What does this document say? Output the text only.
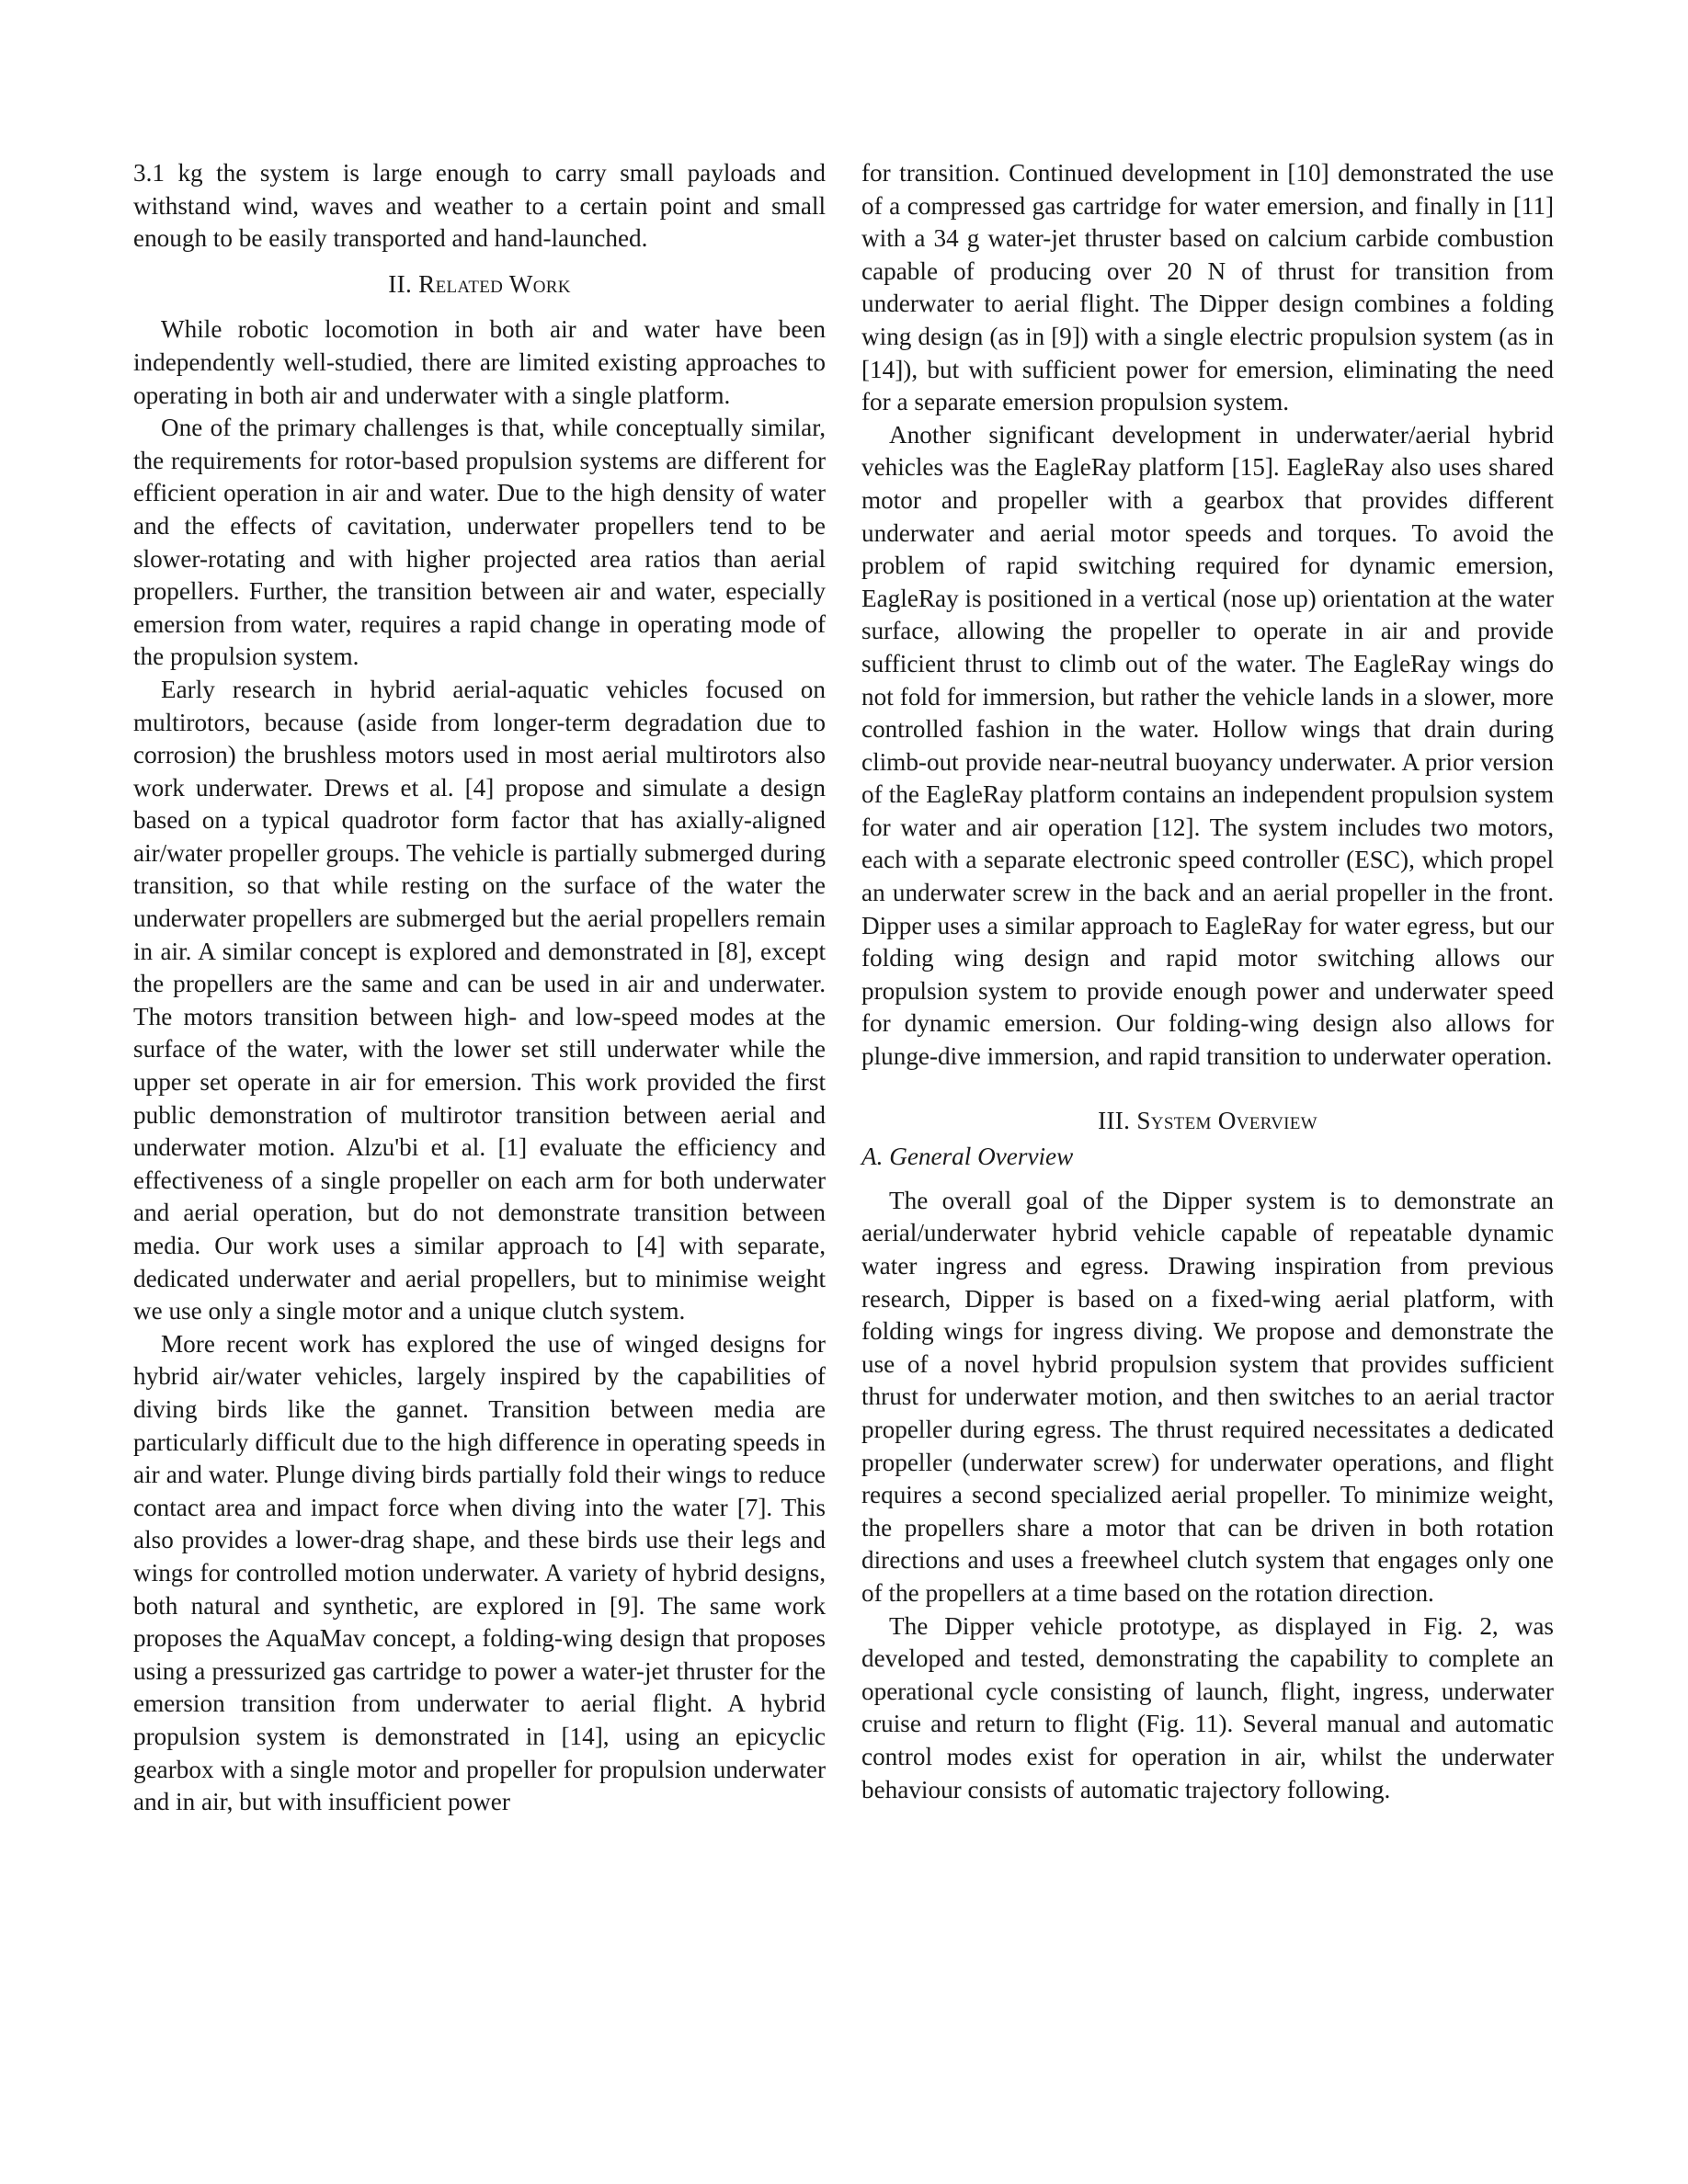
3.1 kg the system is large enough to carry small payloads and withstand wind, waves and weather to a certain point and small enough to be easily transported and hand-launched.

II. Related Work

While robotic locomotion in both air and water have been independently well-studied, there are limited existing approaches to operating in both air and underwater with a single platform.

One of the primary challenges is that, while conceptually similar, the requirements for rotor-based propulsion systems are different for efficient operation in air and water. Due to the high density of water and the effects of cavitation, underwater propellers tend to be slower-rotating and with higher projected area ratios than aerial propellers. Further, the transition between air and water, especially emersion from water, requires a rapid change in operating mode of the propulsion system.

Early research in hybrid aerial-aquatic vehicles focused on multirotors, because (aside from longer-term degradation due to corrosion) the brushless motors used in most aerial multirotors also work underwater. Drews et al. [4] propose and simulate a design based on a typical quadrotor form factor that has axially-aligned air/water propeller groups. The vehicle is partially submerged during transition, so that while resting on the surface of the water the underwater propellers are submerged but the aerial propellers remain in air. A similar concept is explored and demonstrated in [8], except the propellers are the same and can be used in air and underwater. The motors transition between high- and low-speed modes at the surface of the water, with the lower set still underwater while the upper set operate in air for emersion. This work provided the first public demonstration of multirotor transition between aerial and underwater motion. Alzu'bi et al. [1] evaluate the efficiency and effectiveness of a single propeller on each arm for both underwater and aerial operation, but do not demonstrate transition between media. Our work uses a similar approach to [4] with separate, dedicated underwater and aerial propellers, but to minimise weight we use only a single motor and a unique clutch system.

More recent work has explored the use of winged designs for hybrid air/water vehicles, largely inspired by the capabilities of diving birds like the gannet. Transition between media are particularly difficult due to the high difference in operating speeds in air and water. Plunge diving birds partially fold their wings to reduce contact area and impact force when diving into the water [7]. This also provides a lower-drag shape, and these birds use their legs and wings for controlled motion underwater. A variety of hybrid designs, both natural and synthetic, are explored in [9]. The same work proposes the AquaMav concept, a folding-wing design that proposes using a pressurized gas cartridge to power a water-jet thruster for the emersion transition from underwater to aerial flight. A hybrid propulsion system is demonstrated in [14], using an epicyclic gearbox with a single motor and propeller for propulsion underwater and in air, but with insufficient power

for transition. Continued development in [10] demonstrated the use of a compressed gas cartridge for water emersion, and finally in [11] with a 34 g water-jet thruster based on calcium carbide combustion capable of producing over 20 N of thrust for transition from underwater to aerial flight. The Dipper design combines a folding wing design (as in [9]) with a single electric propulsion system (as in [14]), but with sufficient power for emersion, eliminating the need for a separate emersion propulsion system.

Another significant development in underwater/aerial hybrid vehicles was the EagleRay platform [15]. EagleRay also uses shared motor and propeller with a gearbox that provides different underwater and aerial motor speeds and torques. To avoid the problem of rapid switching required for dynamic emersion, EagleRay is positioned in a vertical (nose up) orientation at the water surface, allowing the propeller to operate in air and provide sufficient thrust to climb out of the water. The EagleRay wings do not fold for immersion, but rather the vehicle lands in a slower, more controlled fashion in the water. Hollow wings that drain during climb-out provide near-neutral buoyancy underwater. A prior version of the EagleRay platform contains an independent propulsion system for water and air operation [12]. The system includes two motors, each with a separate electronic speed controller (ESC), which propel an underwater screw in the back and an aerial propeller in the front. Dipper uses a similar approach to EagleRay for water egress, but our folding wing design and rapid motor switching allows our propulsion system to provide enough power and underwater speed for dynamic emersion. Our folding-wing design also allows for plunge-dive immersion, and rapid transition to underwater operation.

III. System Overview
A. General Overview

The overall goal of the Dipper system is to demonstrate an aerial/underwater hybrid vehicle capable of repeatable dynamic water ingress and egress. Drawing inspiration from previous research, Dipper is based on a fixed-wing aerial platform, with folding wings for ingress diving. We propose and demonstrate the use of a novel hybrid propulsion system that provides sufficient thrust for underwater motion, and then switches to an aerial tractor propeller during egress. The thrust required necessitates a dedicated propeller (underwater screw) for underwater operations, and flight requires a second specialized aerial propeller. To minimize weight, the propellers share a motor that can be driven in both rotation directions and uses a freewheel clutch system that engages only one of the propellers at a time based on the rotation direction.

The Dipper vehicle prototype, as displayed in Fig. 2, was developed and tested, demonstrating the capability to complete an operational cycle consisting of launch, flight, ingress, underwater cruise and return to flight (Fig. 11). Several manual and automatic control modes exist for operation in air, whilst the underwater behaviour consists of automatic trajectory following.
